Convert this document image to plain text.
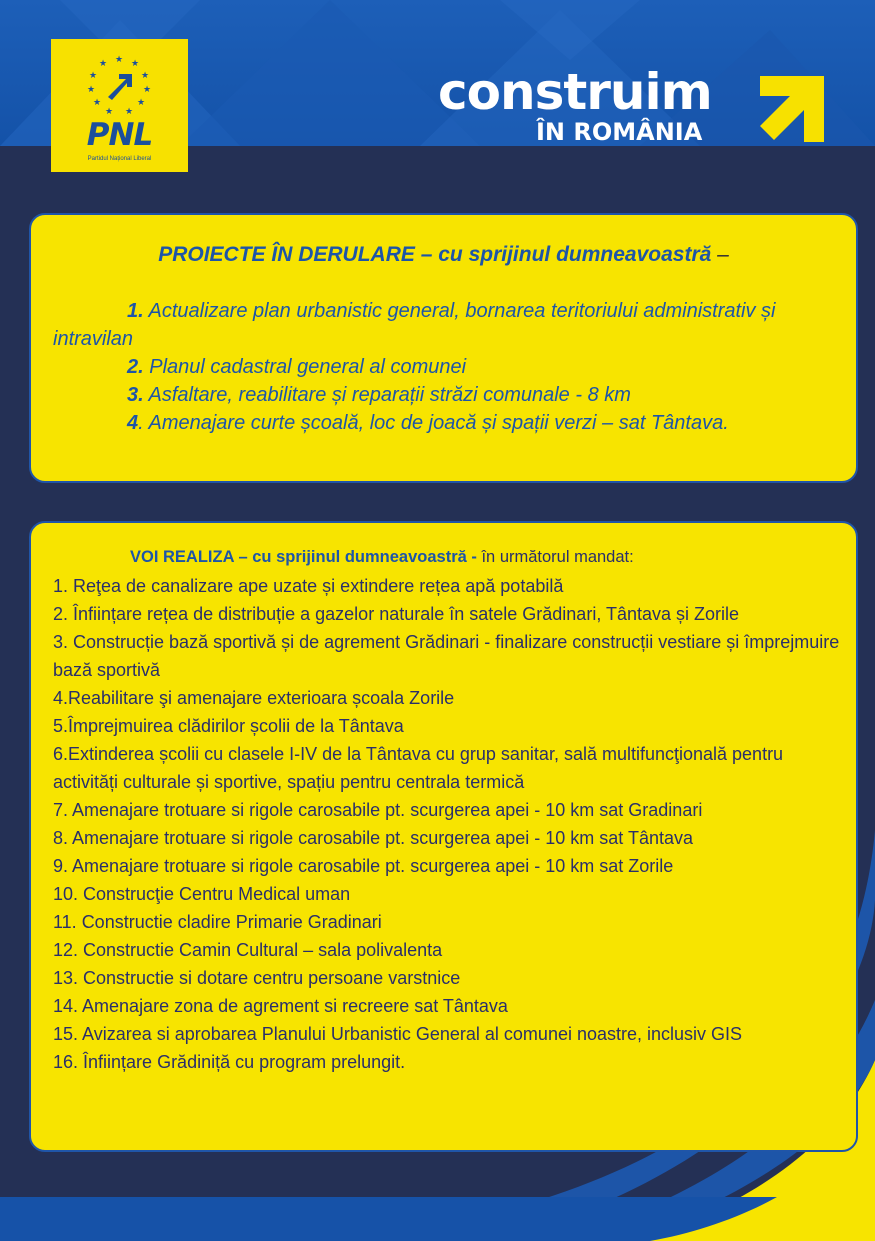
★ ★
★
★
★
★
★
★
★
★
★
PNL
Partidul Național Liberal
construim
ÎN ROMÂNIA
PROIECTE ÎN DERULARE – cu sprijinul dumneavoastră –

1. Actualizare plan urbanistic general, bornarea teritoriului administrativ și intravilan

2. Planul cadastral general al comunei

3. Asfaltare, reabilitare și reparații străzi comunale - 8 km

4. Amenajare curte școală, loc de joacă și spații verzi – sat Tântava.

VOI REALIZA – cu sprijinul dumneavoastră - în următorul mandat:

1. Reţea de canalizare ape uzate și extindere rețea apă potabilă

2. Înființare rețea de distribuție a gazelor naturale în satele Grădinari, Tântava și Zorile

3. Construcție bază sportivă și de agrement Grădinari - finalizare construcții vestiare și împrejmuire bază sportivă

4.Reabilitare şi amenajare exterioara școala Zorile

5.Împrejmuirea clădirilor școlii de la Tântava

6.Extinderea școlii cu clasele I-IV de la Tântava cu grup sanitar, sală multifuncţională pentru activități culturale și sportive, spațiu pentru centrala termică

7. Amenajare trotuare si rigole carosabile pt. scurgerea apei - 10 km sat Gradinari

8. Amenajare trotuare si rigole carosabile pt. scurgerea apei - 10 km sat Tântava

9. Amenajare trotuare si rigole carosabile pt. scurgerea apei - 10 km sat Zorile

10. Construcţie Centru Medical uman

11. Constructie cladire Primarie Gradinari

12. Constructie Camin Cultural – sala polivalenta

13. Constructie si dotare centru persoane varstnice

14. Amenajare zona de agrement si recreere sat Tântava

15. Avizarea si aprobarea Planului Urbanistic General al comunei noastre, inclusiv GIS

16. Înființare Grădiniță cu program prelungit.
